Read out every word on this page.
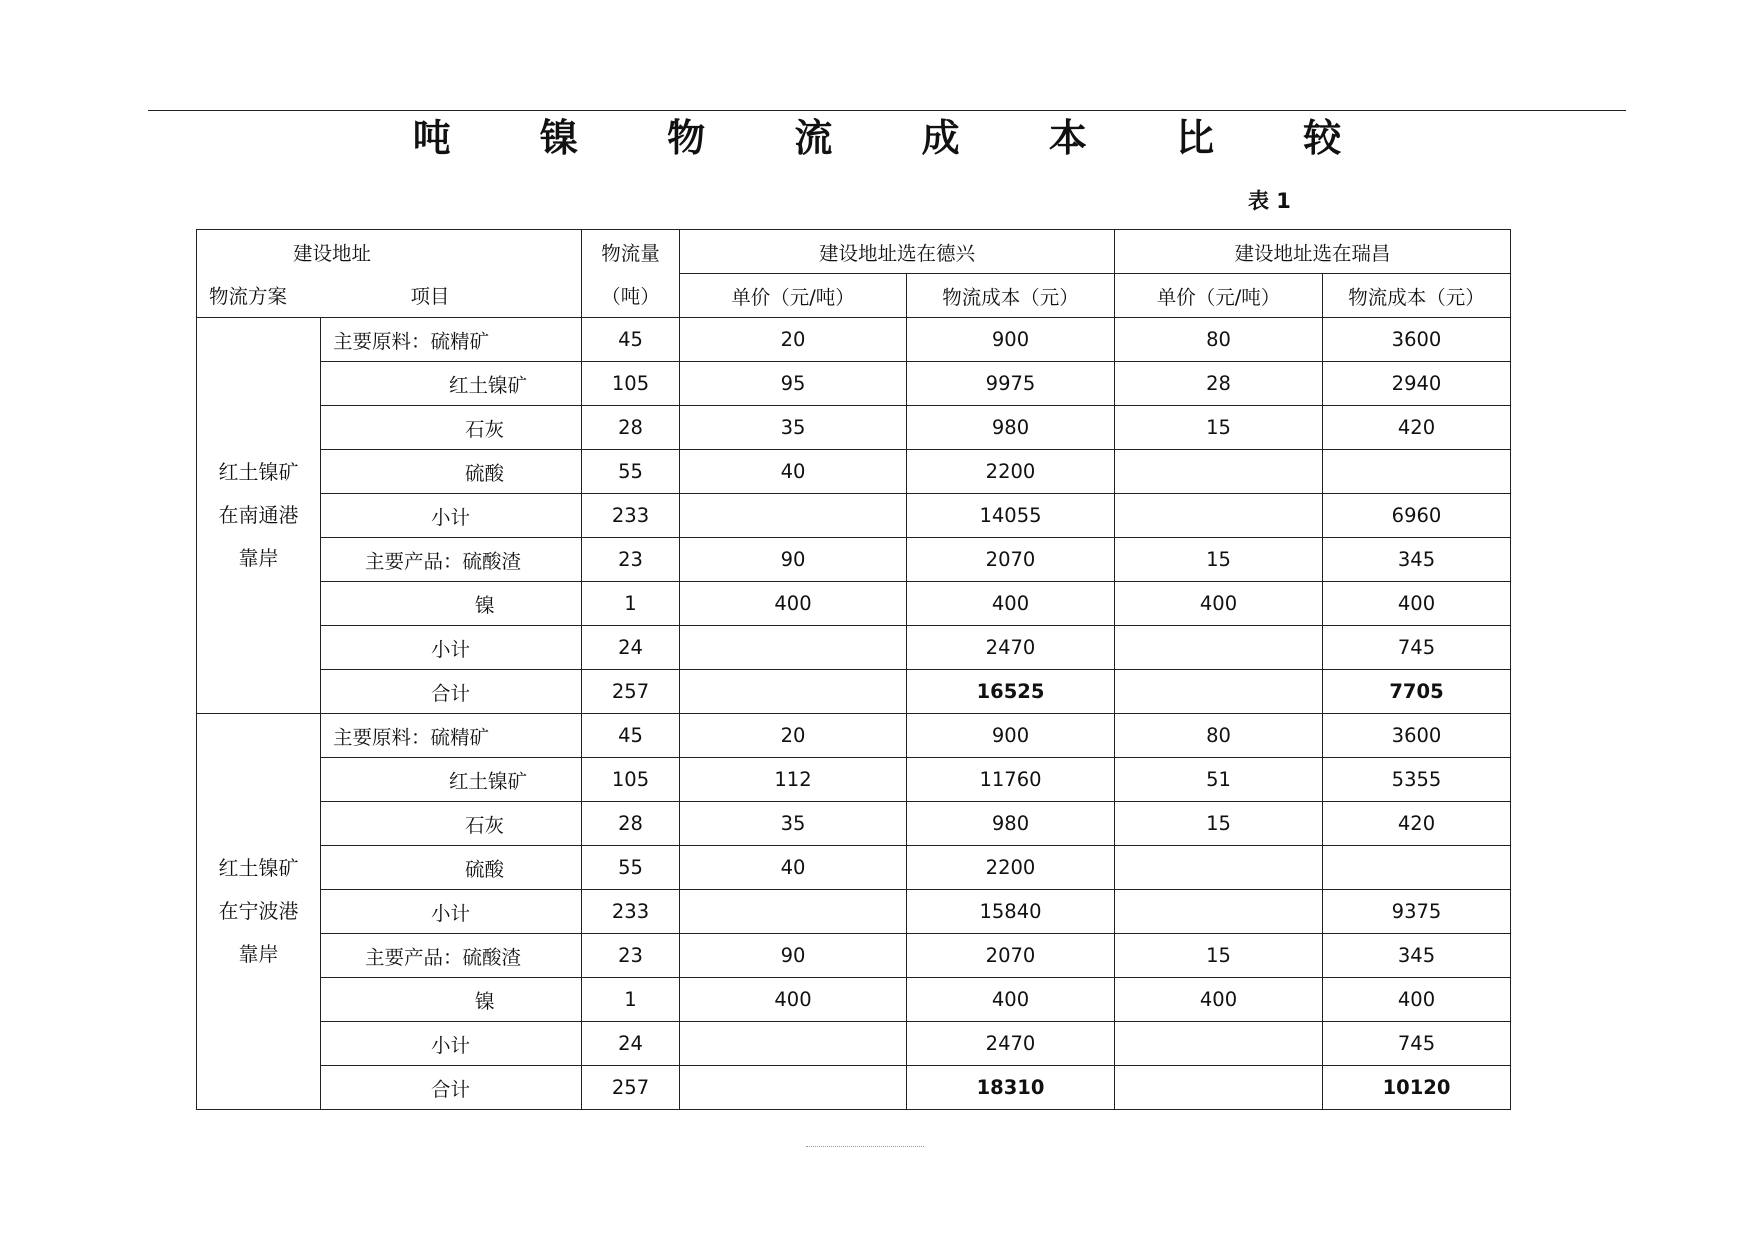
吨 镍 物 流 成 本 比 较
表 1
建设地址		物流量	建设地址选在德兴		建设地址选在瑞昌	
物流方案	项目	（吨）	单价（元/吨）	物流成本（元）	单价（元/吨）	物流成本（元）

红土镍矿
在南通港
靠岸	主要原料：硫精矿	45	20	900	80	3600
	红土镍矿	105	95	9975	28	2940
	石灰	28	35	980	15	420
	硫酸	55	40	2200		
	小计	233		14055		6960
	主要产品：硫酸渣	23	90	2070	15	345
	镍	1	400	400	400	400
	小计	24		2470		745
	合计	257		16525		7705

红土镍矿
在宁波港
靠岸	主要原料：硫精矿	45	20	900	80	3600
	红土镍矿	105	112	11760	51	5355
	石灰	28	35	980	15	420
	硫酸	55	40	2200		
	小计	233		15840		9375
	主要产品：硫酸渣	23	90	2070	15	345
	镍	1	400	400	400	400
	小计	24		2470		745
	合计	257		18310		10120
